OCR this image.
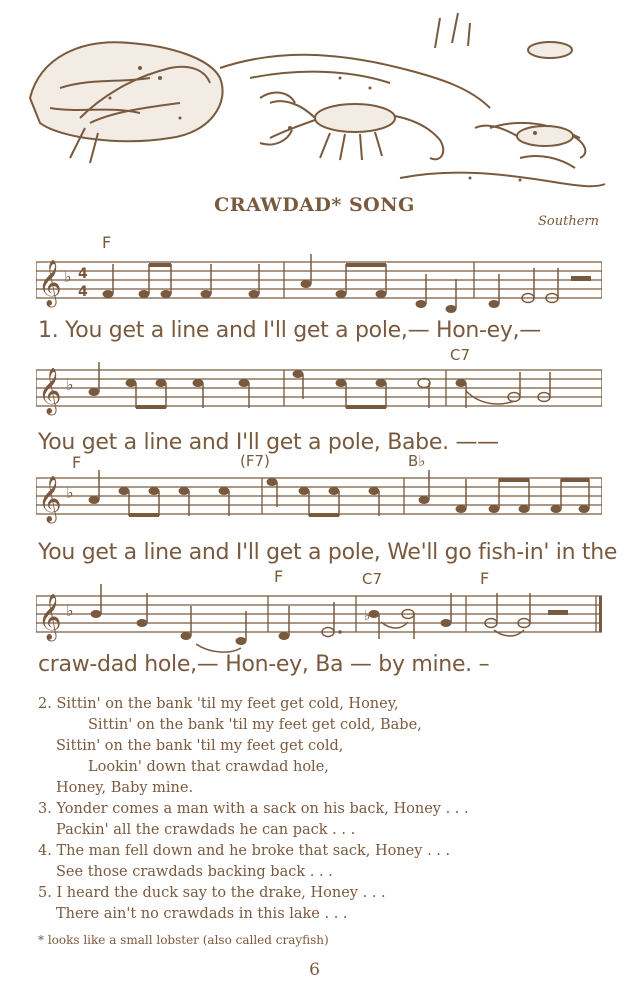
CRAWDAD* SONG
Southern
𝄞 ♭ 4
4
F
1. You get a line and I'll get a pole,— Hon-ey,—
𝄞 ♭
C7
You get a line and I'll get a pole, Babe. ——
𝄞 ♭
F	(F7)	B♭
You get a line and I'll get a pole, We'll go fish-in' in the
𝄞 ♭
F	C7	F
♭
craw-dad hole,— Hon-ey, Ba — by mine. –
2. Sittin' on the bank 'til my feet get cold, Honey,
Sittin' on the bank 'til my feet get cold, Babe,
Sittin' on the bank 'til my feet get cold,
Lookin' down that crawdad hole,
Honey, Baby mine.
3. Yonder comes a man with a sack on his back, Honey . . .
Packin' all the crawdads he can pack . . .
4. The man fell down and he broke that sack, Honey . . .
See those crawdads backing back . . .
5. I heard the duck say to the drake, Honey . . .
There ain't no crawdads in this lake . . .
* looks like a small lobster (also called crayfish)
6
